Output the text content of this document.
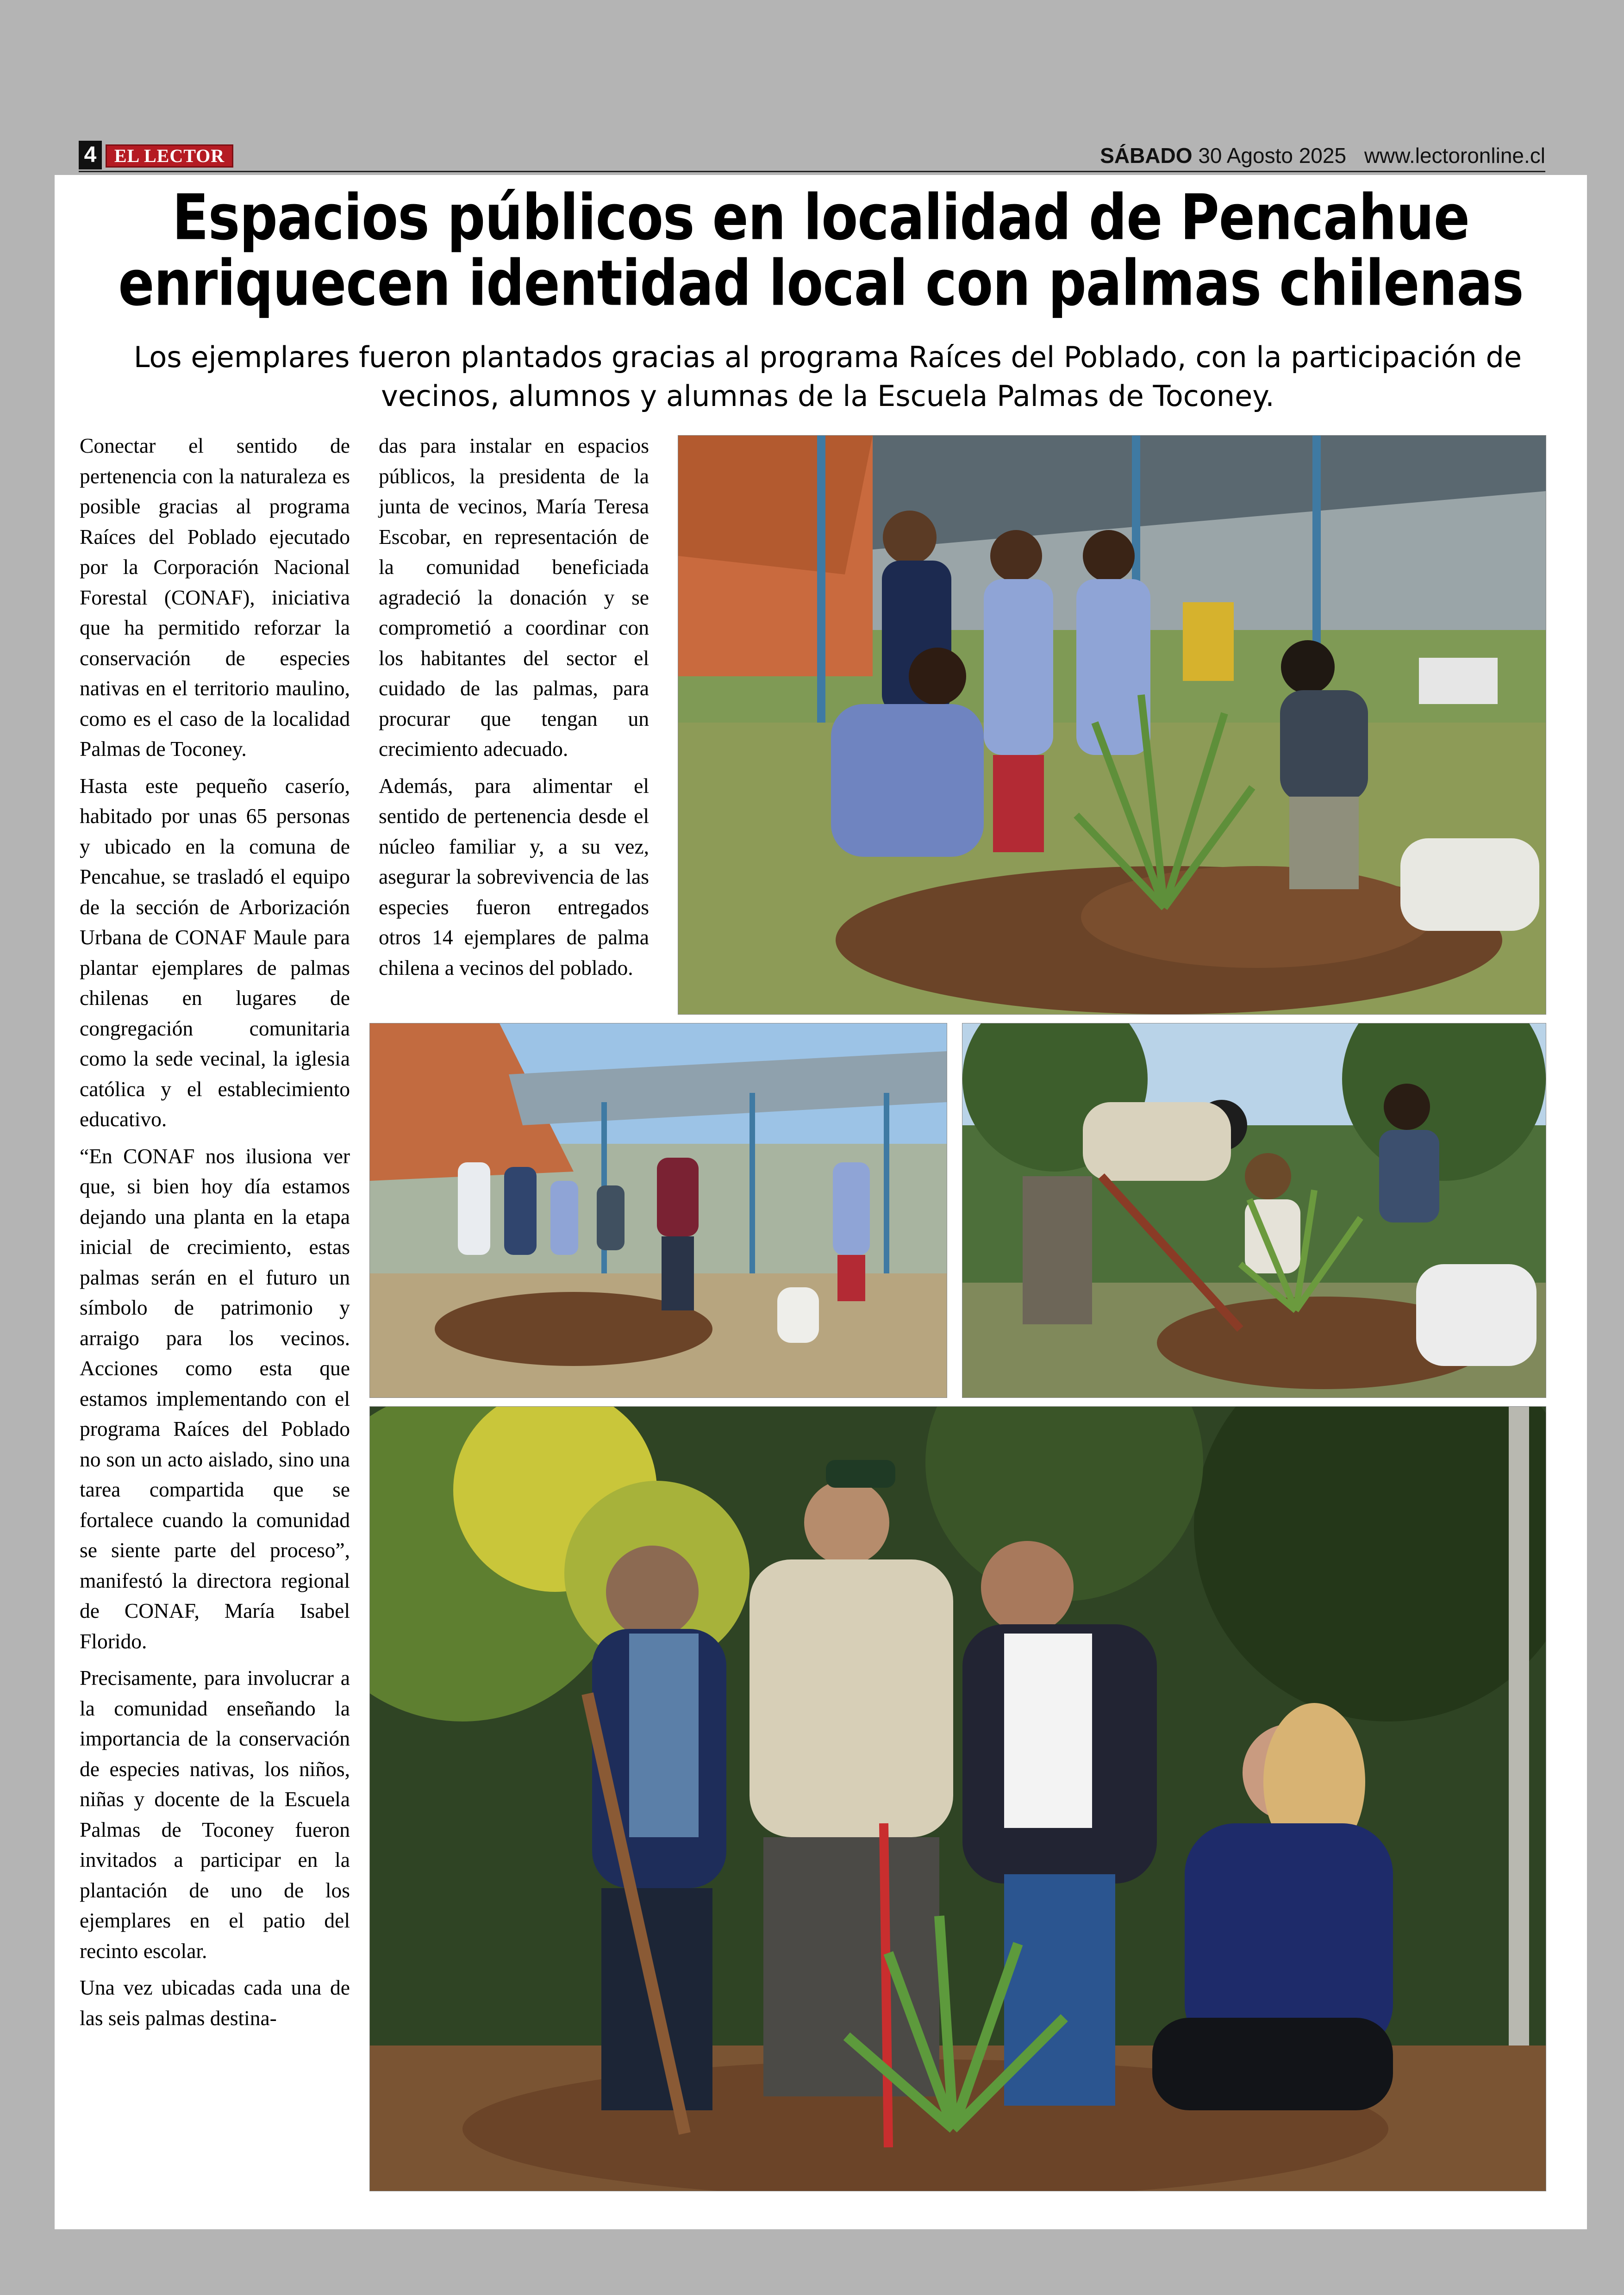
4 EL LECTOR	SÁBADO 30 Agosto 2025 www.lectoronline.cl
Espacios públicos en localidad de Pencahue enriquecen identidad local con palmas chilenas

Los ejemplares fueron plantados gracias al programa Raíces del Poblado, con la participación de vecinos, alumnos y alumnas de la Escuela Palmas de Toconey.

Conectar el sentido de pertenencia con la naturaleza es posible gracias al programa Raíces del Poblado ejecutado por la Corporación Nacional Forestal (CONAF), iniciativa que ha permitido reforzar la conservación de especies nativas en el territorio maulino, como es el caso de la localidad Palmas de Toconey.

Hasta este pequeño caserío, habitado por unas 65 personas y ubicado en la comuna de Pencahue, se trasladó el equipo de la sección de Arborización Urbana de CONAF Maule para plantar ejemplares de palmas chilenas en lugares de congregación comunitaria como la sede vecinal, la iglesia católica y el establecimiento educativo.

“En CONAF nos ilusiona ver que, si bien hoy día estamos dejando una planta en la etapa inicial de crecimiento, estas palmas serán en el futuro un símbolo de patrimonio y arraigo para los vecinos. Acciones como esta que estamos implementando con el programa Raíces del Poblado no son un acto aislado, sino una tarea compartida que se fortalece cuando la comunidad se siente parte del proceso”, manifestó la directora regional de CONAF, María Isabel Florido.

Precisamente, para involucrar a la comunidad enseñando la importancia de la conservación de especies nativas, los niños, niñas y docente de la Escuela Palmas de Toconey fueron invitados a participar en la plantación de uno de los ejemplares en el patio del recinto escolar.

Una vez ubicadas cada una de las seis palmas destina-

das para instalar en espacios públicos, la presidenta de la junta de vecinos, María Teresa Escobar, en representación de la comunidad beneficiada agradeció la donación y se comprometió a coordinar con los habitantes del sector el cuidado de las palmas, para procurar que tengan un crecimiento adecuado.

Además, para alimentar el sentido de pertenencia desde el núcleo familiar y, a su vez, asegurar la sobrevivencia de las especies fueron entregados otros 14 ejemplares de palma chilena a vecinos del poblado.
